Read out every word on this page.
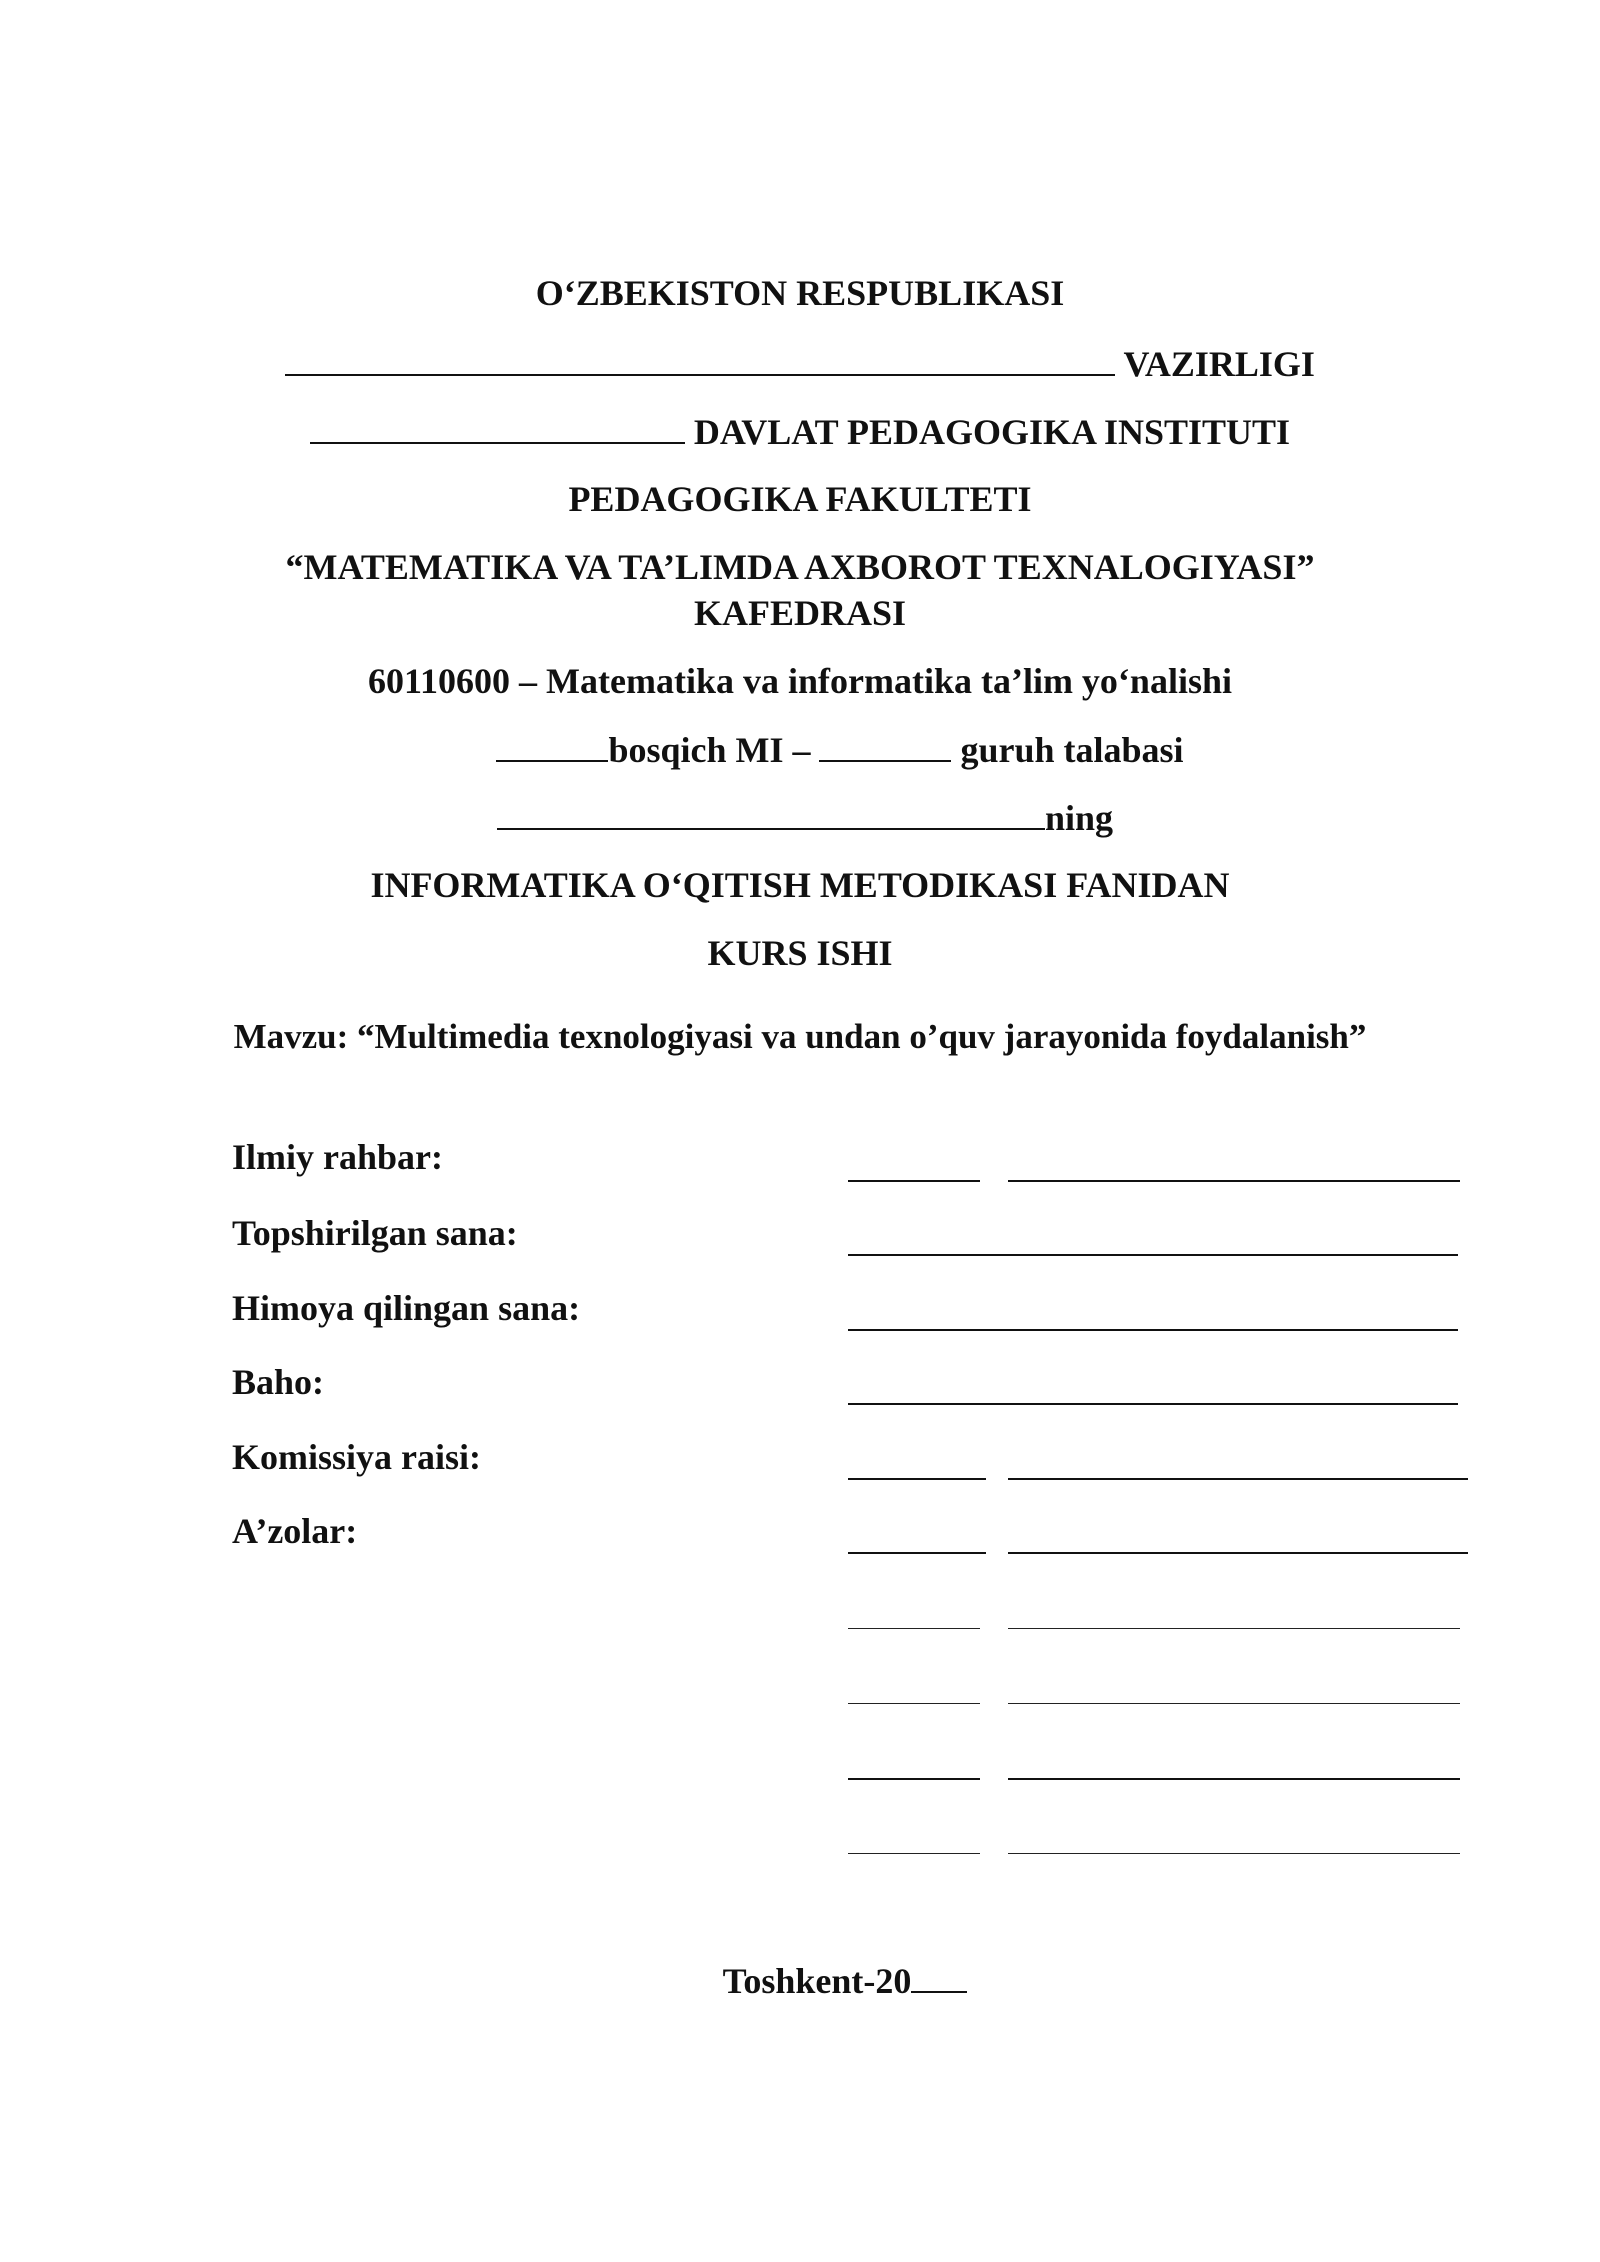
O‘ZBEKISTON RESPUBLIKASI
VAZIRLIGI
DAVLAT PEDAGOGIKA INSTITUTI
PEDAGOGIKA FAKULTETI
“MATEMATIKA VA TA’LIMDA AXBOROT TEXNALOGIYASI”
KAFEDRASI
60110600 – Matematika va informatika ta’lim yo‘nalishi
bosqich MI –	guruh talabasi
ning
INFORMATIKA O‘QITISH METODIKASI FANIDAN
KURS ISHI
Mavzu: “Multimedia texnologiyasi va undan o’quv jarayonida foydalanish”
Ilmiy rahbar:
Topshirilgan sana:
Himoya qilingan sana:
Baho:
Komissiya raisi:
A’zolar:
Toshkent-20
